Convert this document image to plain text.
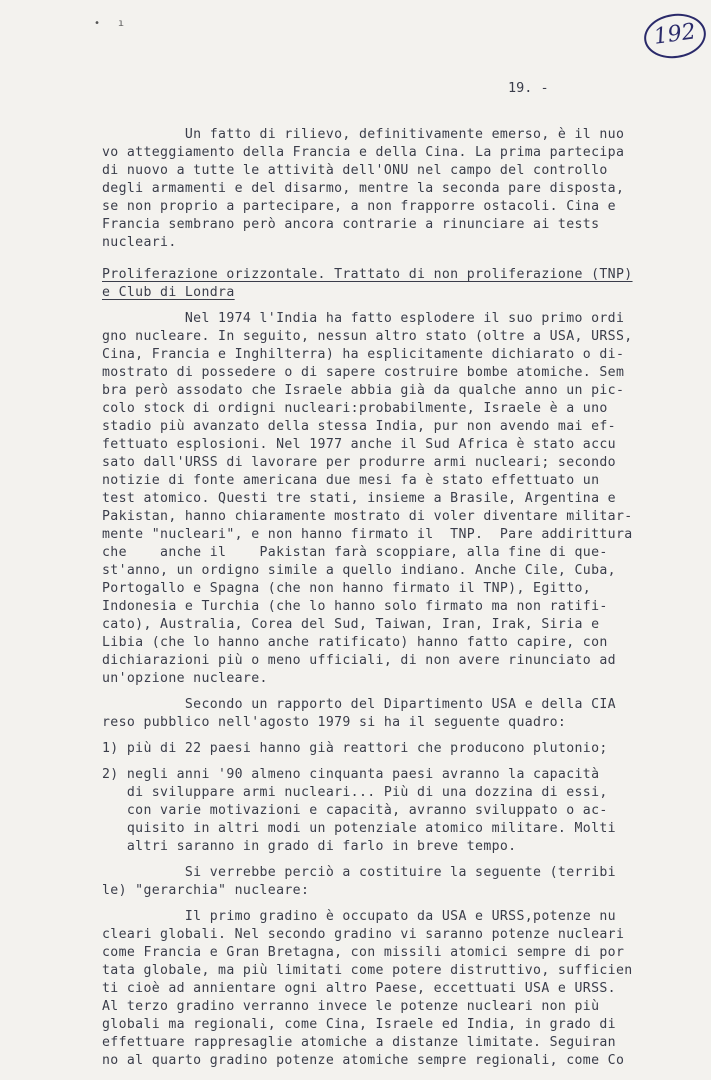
• ı	192
19. -
Un fatto di rilievo, definitivamente emerso, è il nuo
vo atteggiamento della Francia e della Cina. La prima partecipa
di nuovo a tutte le attività dell'ONU nel campo del controllo
degli armamenti e del disarmo, mentre la seconda pare disposta,
se non proprio a partecipare, a non frapporre ostacoli. Cina e
Francia sembrano però ancora contrarie a rinunciare ai tests
nucleari.
Proliferazione orizzontale. Trattato di non proliferazione (TNP)
e Club di Londra
Nel 1974 l'India ha fatto esplodere il suo primo ordi
gno nucleare. In seguito, nessun altro stato (oltre a USA, URSS,
Cina, Francia e Inghilterra) ha esplicitamente dichiarato o di-
mostrato di possedere o di sapere costruire bombe atomiche. Sem
bra però assodato che Israele abbia già da qualche anno un pic-
colo stock di ordigni nucleari:probabilmente, Israele è a uno
stadio più avanzato della stessa India, pur non avendo mai ef-
fettuato esplosioni. Nel 1977 anche il Sud Africa è stato accu
sato dall'URSS di lavorare per produrre armi nucleari; secondo
notizie di fonte americana due mesi fa è stato effettuato un
test atomico. Questi tre stati, insieme a Brasile, Argentina e
Pakistan, hanno chiaramente mostrato di voler diventare militar-
mente "nucleari", e non hanno firmato il  TNP.  Pare addirittura
che    anche il    Pakistan farà scoppiare, alla fine di que-
st'anno, un ordigno simile a quello indiano. Anche Cile, Cuba,
Portogallo e Spagna (che non hanno firmato il TNP), Egitto,
Indonesia e Turchia (che lo hanno solo firmato ma non ratifi-
cato), Australia, Corea del Sud, Taiwan, Iran, Irak, Siria e
Libia (che lo hanno anche ratificato) hanno fatto capire, con
dichiarazioni più o meno ufficiali, di non avere rinunciato ad
un'opzione nucleare.
Secondo un rapporto del Dipartimento USA e della CIA
reso pubblico nell'agosto 1979 si ha il seguente quadro:
1) più di 22 paesi hanno già reattori che producono plutonio;
2) negli anni '90 almeno cinquanta paesi avranno la capacità
di sviluppare armi nucleari... Più di una dozzina di essi,
con varie motivazioni e capacità, avranno sviluppato o ac-
quisito in altri modi un potenziale atomico militare. Molti
altri saranno in grado di farlo in breve tempo.
Si verrebbe perciò a costituire la seguente (terribi
le) "gerarchia" nucleare:
Il primo gradino è occupato da USA e URSS,potenze nu
cleari globali. Nel secondo gradino vi saranno potenze nucleari
come Francia e Gran Bretagna, con missili atomici sempre di por
tata globale, ma più limitati come potere distruttivo, sufficien
ti cioè ad annientare ogni altro Paese, eccettuati USA e URSS.
Al terzo gradino verranno invece le potenze nucleari non più
globali ma regionali, come Cina, Israele ed India, in grado di
effettuare rappresaglie atomiche a distanze limitate. Seguiran
no al quarto gradino potenze atomiche sempre regionali, come Co
